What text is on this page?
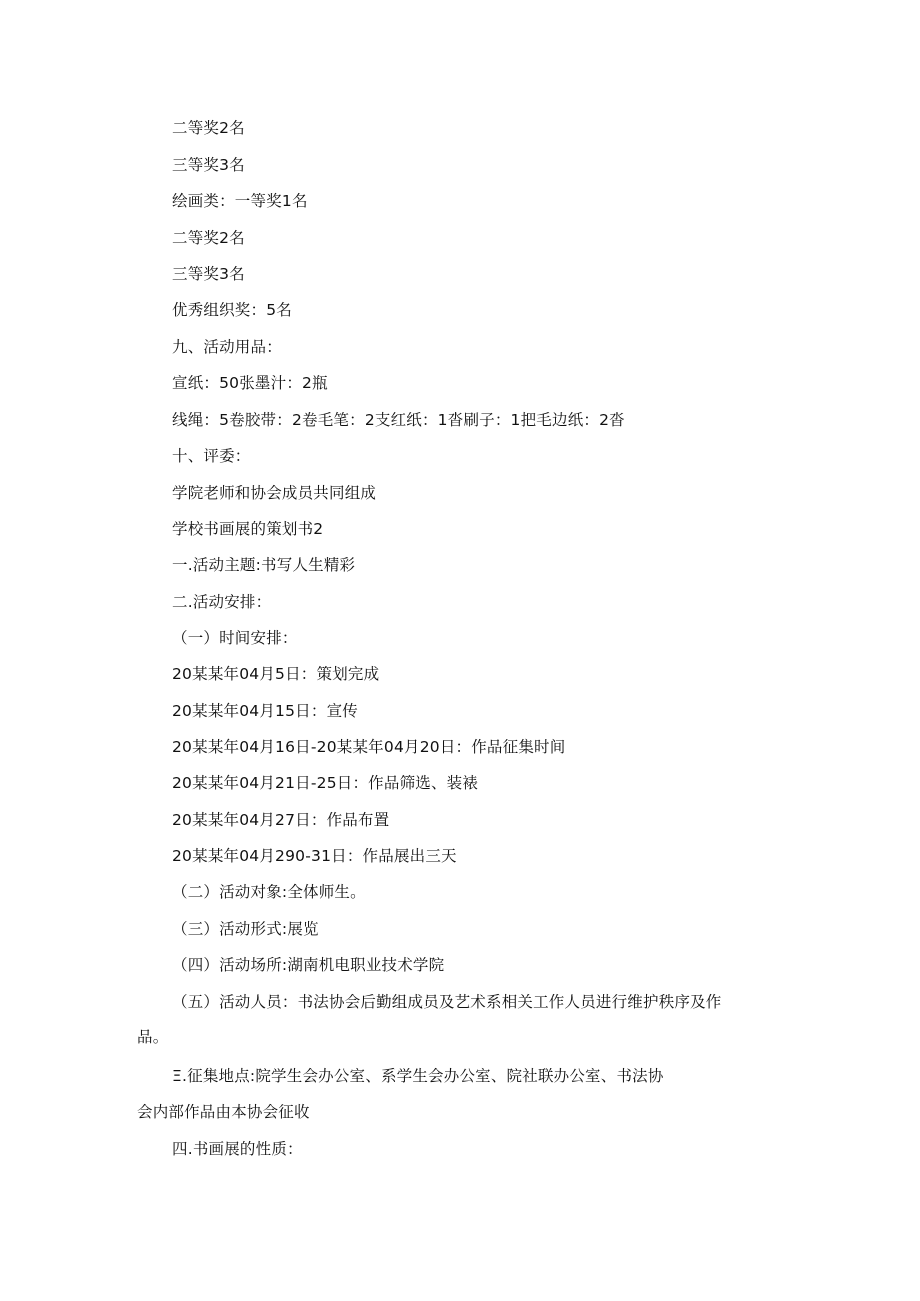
二等奖2名
三等奖3名
绘画类：一等奖1名
二等奖2名
三等奖3名
优秀组织奖：5名
九、活动用品：
宣纸：50张墨汁：2瓶
线绳：5卷胶带：2卷毛笔：2支红纸：1沓刷子：1把毛边纸：2沓
十、评委：
学院老师和协会成员共同组成
学校书画展的策划书2
一.活动主题:书写人生精彩
二.活动安排：
（一）时间安排：
20某某年04月5日：策划完成
20某某年04月15日：宣传
20某某年04月16日-20某某年04月20日：作品征集时间
20某某年04月21日-25日：作品筛选、装裱
20某某年04月27日：作品布置
20某某年04月290-31日：作品展出三天
（二）活动对象:全体师生。
（三）活动形式:展览
（四）活动场所:湖南机电职业技术学院
（五）活动人员：书法协会后勤组成员及艺术系相关工作人员进行维护秩序及作
品。
Ξ.征集地点:院学生会办公室、系学生会办公室、院社联办公室、书法协
会内部作品由本协会征收
四.书画展的性质：
